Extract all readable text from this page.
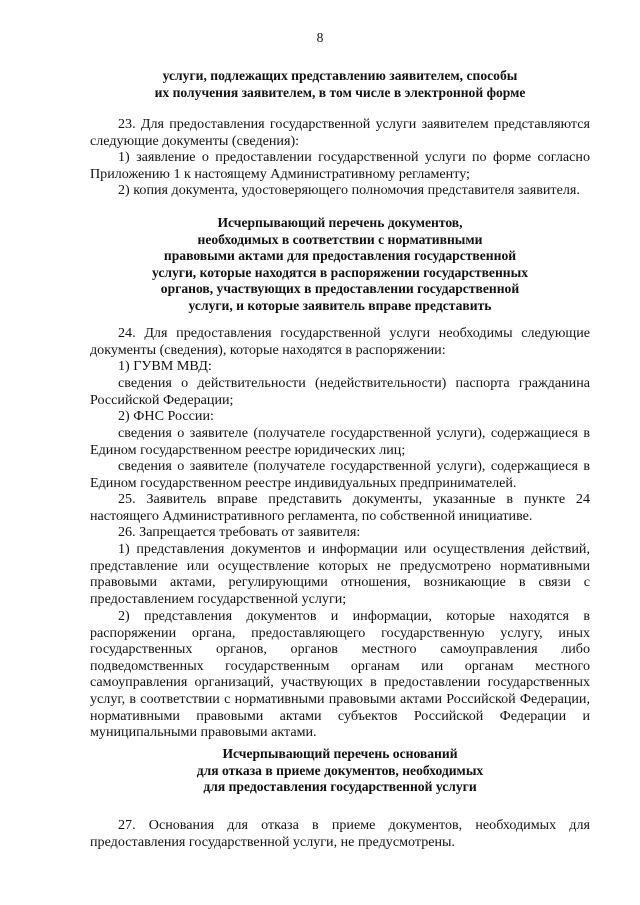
8
услуги, подлежащих представлению заявителем, способы
их получения заявителем, в том числе в электронной форме
23. Для предоставления государственной услуги заявителем представляются следующие документы (сведения):
1) заявление о предоставлении государственной услуги по форме согласно Приложению 1 к настоящему Административному регламенту;
2) копия документа, удостоверяющего полномочия представителя заявителя.
Исчерпывающий перечень документов,
необходимых в соответствии с нормативными
правовыми актами для предоставления государственной
услуги, которые находятся в распоряжении государственных
органов, участвующих в предоставлении государственной
услуги, и которые заявитель вправе представить
24. Для предоставления государственной услуги необходимы следующие документы (сведения), которые находятся в распоряжении:
1) ГУВМ МВД:
сведения о действительности (недействительности) паспорта гражданина Российской Федерации;
2) ФНС России:
сведения о заявителе (получателе государственной услуги), содержащиеся в Едином государственном реестре юридических лиц;
сведения о заявителе (получателе государственной услуги), содержащиеся в Едином государственном реестре индивидуальных предпринимателей.
25. Заявитель вправе представить документы, указанные в пункте 24 настоящего Административного регламента, по собственной инициативе.
26. Запрещается требовать от заявителя:
1) представления документов и информации или осуществления действий, представление или осуществление которых не предусмотрено нормативными правовыми актами, регулирующими отношения, возникающие в связи с предоставлением государственной услуги;
2) представления документов и информации, которые находятся в распоряжении органа, предоставляющего государственную услугу, иных государственных органов, органов местного самоуправления либо подведомственных государственным органам или органам местного самоуправления организаций, участвующих в предоставлении государственных услуг, в соответствии с нормативными правовыми актами Российской Федерации, нормативными правовыми актами субъектов Российской Федерации и муниципальными правовыми актами.
Исчерпывающий перечень оснований
для отказа в приеме документов, необходимых
для предоставления государственной услуги
27. Основания для отказа в приеме документов, необходимых для предоставления государственной услуги, не предусмотрены.
